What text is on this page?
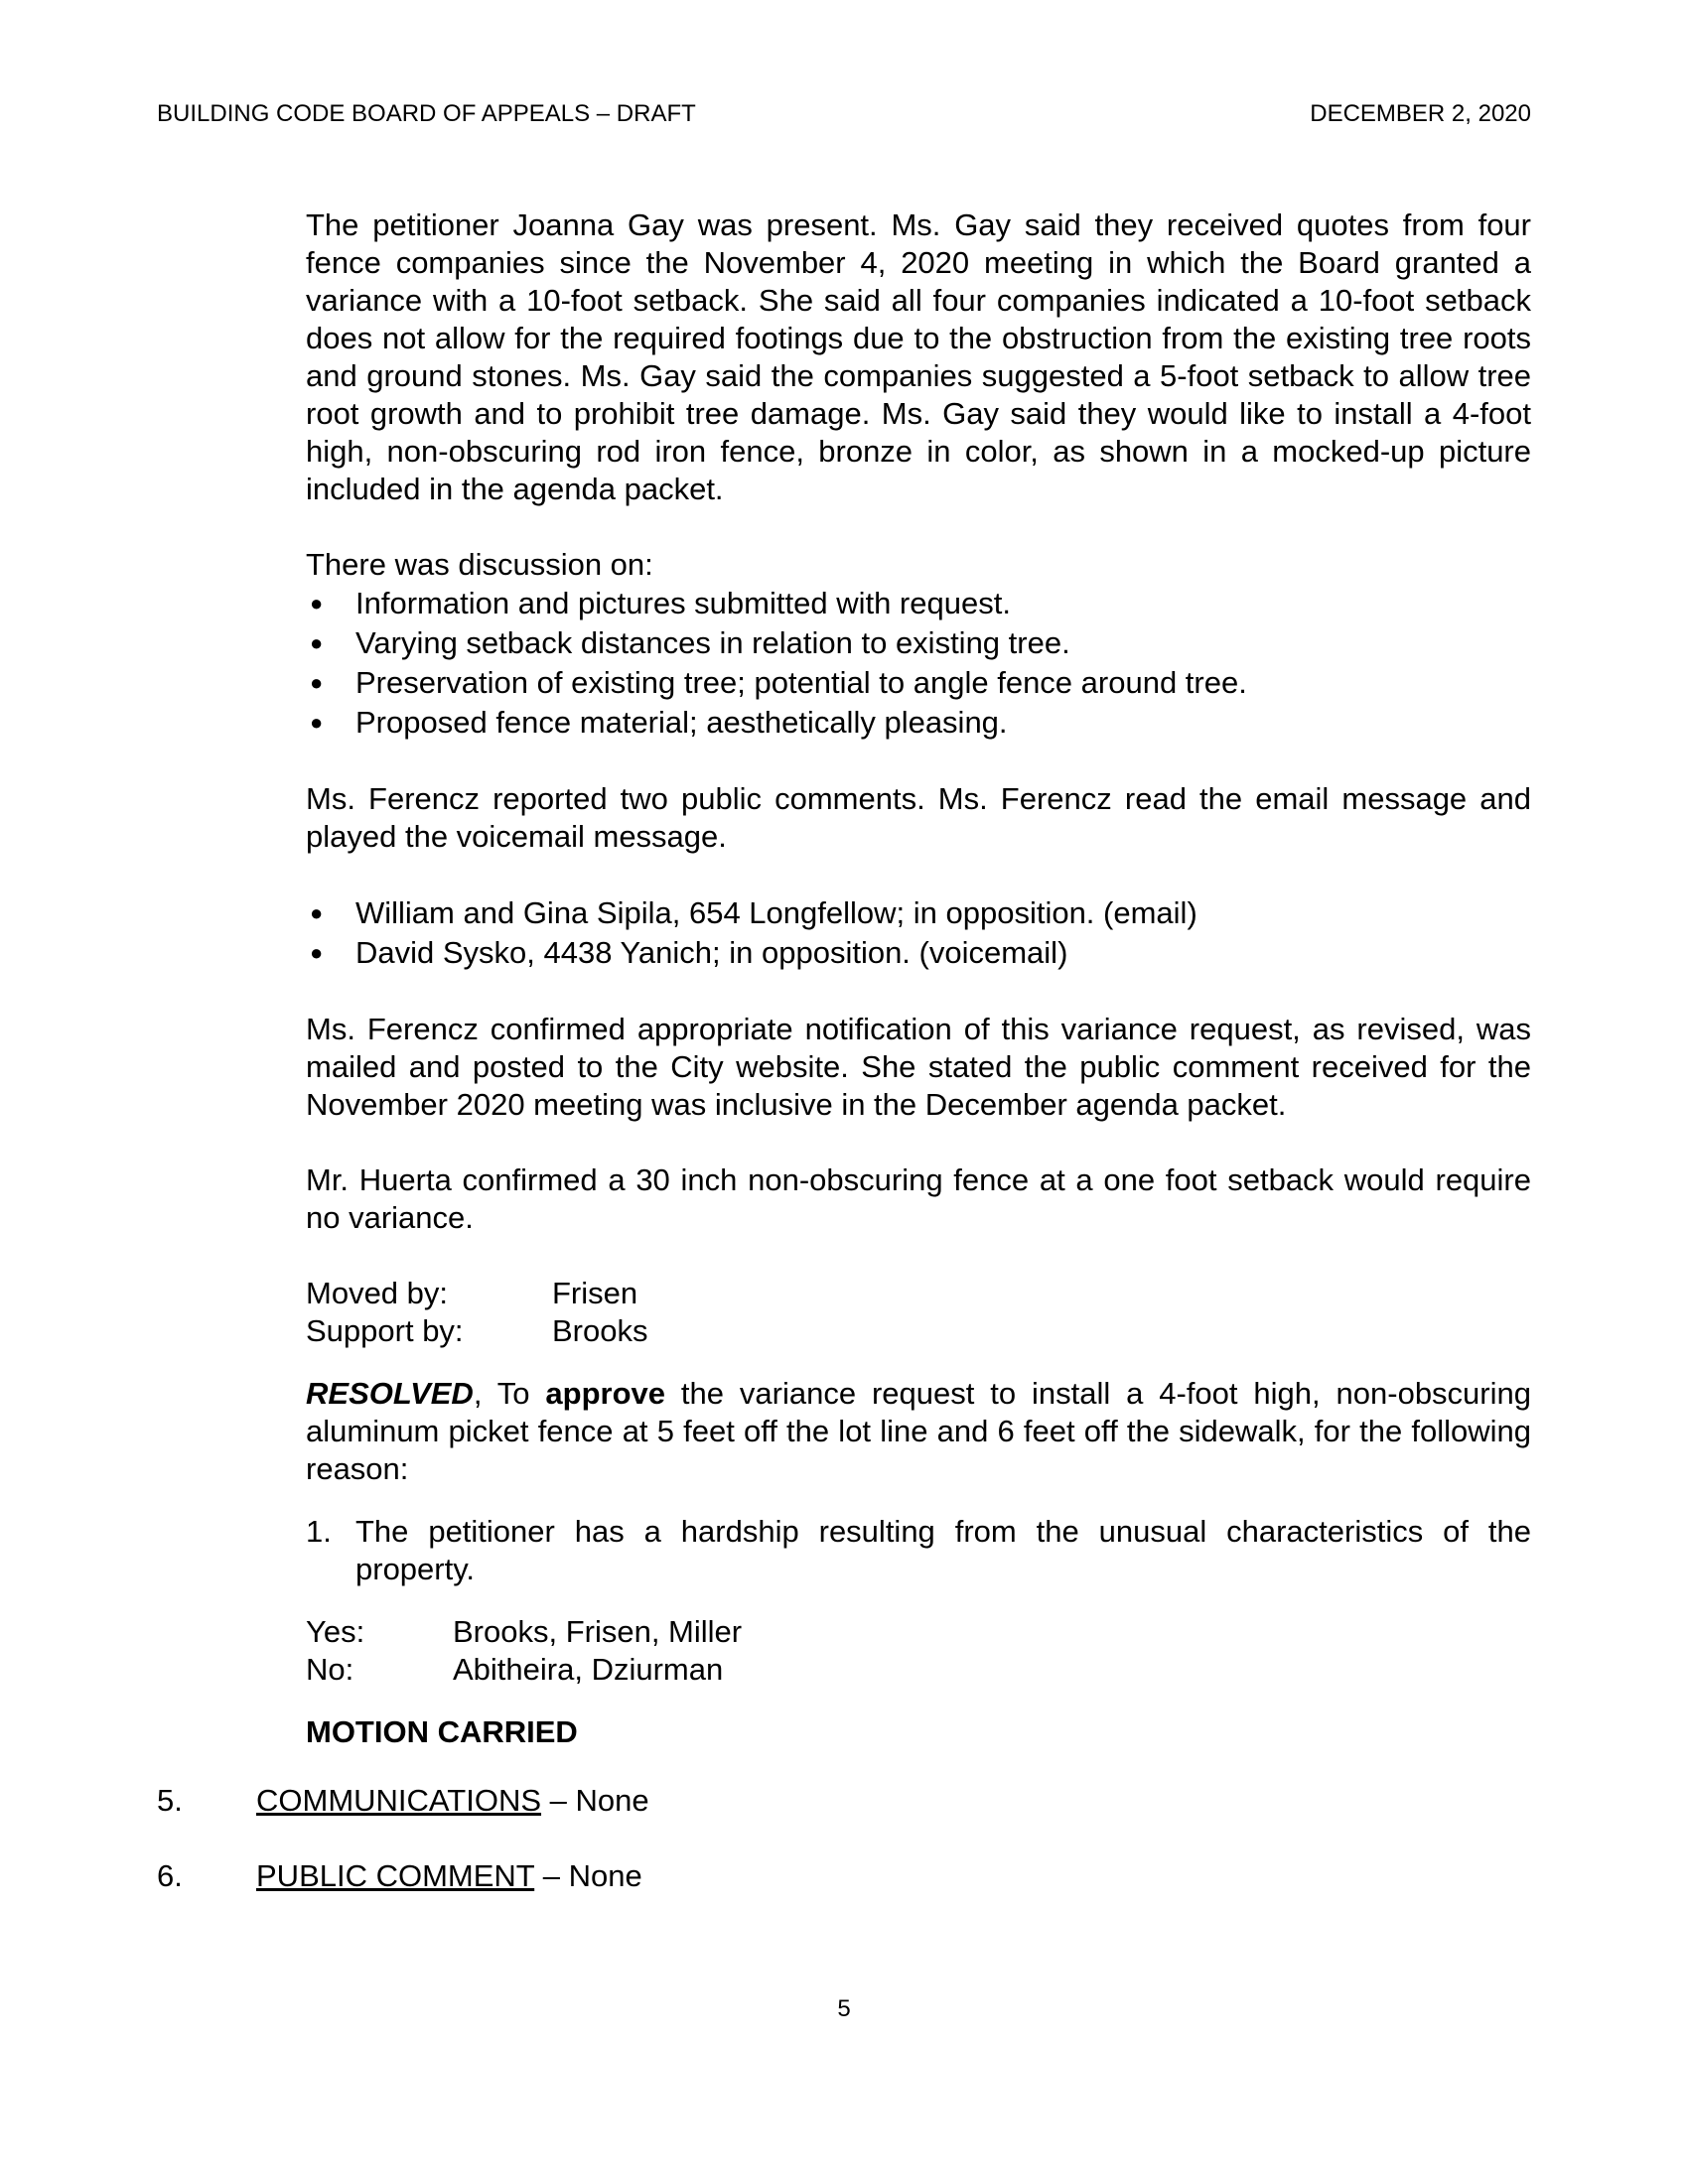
BUILDING CODE BOARD OF APPEALS – DRAFT	DECEMBER 2, 2020

The petitioner Joanna Gay was present. Ms. Gay said they received quotes from four fence companies since the November 4, 2020 meeting in which the Board granted a variance with a 10-foot setback. She said all four companies indicated a 10-foot setback does not allow for the required footings due to the obstruction from the existing tree roots and ground stones. Ms. Gay said the companies suggested a 5-foot setback to allow tree root growth and to prohibit tree damage. Ms. Gay said they would like to install a 4-foot high, non-obscuring rod iron fence, bronze in color, as shown in a mocked-up picture included in the agenda packet.

There was discussion on:

● Information and pictures submitted with request.
● Varying setback distances in relation to existing tree.
● Preservation of existing tree; potential to angle fence around tree.
● Proposed fence material; aesthetically pleasing.

Ms. Ferencz reported two public comments. Ms. Ferencz read the email message and played the voicemail message.

● William and Gina Sipila, 654 Longfellow; in opposition. (email)
● David Sysko, 4438 Yanich; in opposition. (voicemail)

Ms. Ferencz confirmed appropriate notification of this variance request, as revised, was mailed and posted to the City website. She stated the public comment received for the November 2020 meeting was inclusive in the December agenda packet.

Mr. Huerta confirmed a 30 inch non-obscuring fence at a one foot setback would require no variance.

Moved by:	Frisen
Support by:	Brooks

RESOLVED, To approve the variance request to install a 4-foot high, non-obscuring aluminum picket fence at 5 feet off the lot line and 6 feet off the sidewalk, for the following reason:

1. The petitioner has a hardship resulting from the unusual characteristics of the property.
Yes:	Brooks, Frisen, Miller
No:	Abitheira, Dziurman

MOTION CARRIED

5.	COMMUNICATIONS – None
6.	PUBLIC COMMENT – None
5
